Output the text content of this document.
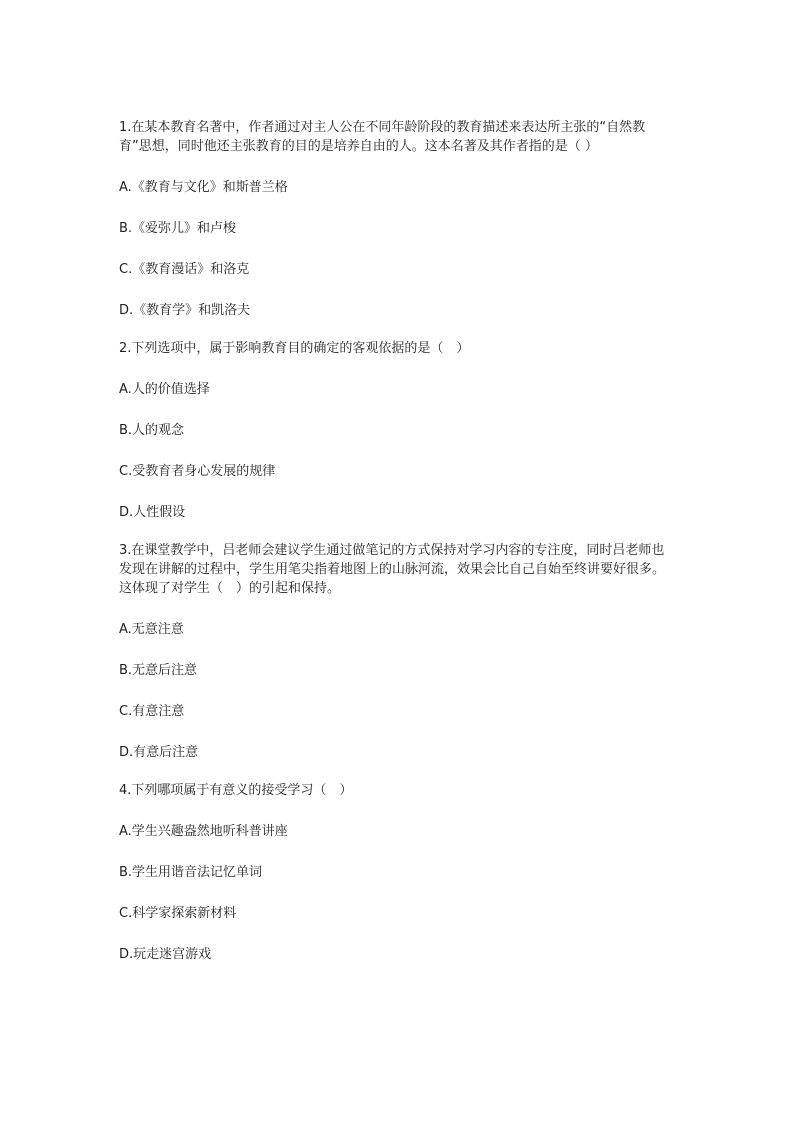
1.在某本教育名著中，作者通过对主人公在不同年龄阶段的教育描述来表达所主张的“自然教育”思想，同时他还主张教育的目的是培养自由的人。这本名著及其作者指的是（ ）
A.《教育与文化》和斯普兰格
B.《爱弥儿》和卢梭
C.《教育漫话》和洛克
D.《教育学》和凯洛夫
2.下列选项中，属于影响教育目的确定的客观依据的是（　）
A.人的价值选择
B.人的观念
C.受教育者身心发展的规律
D.人性假设
3.在课堂教学中，吕老师会建议学生通过做笔记的方式保持对学习内容的专注度，同时吕老师也发现在讲解的过程中，学生用笔尖指着地图上的山脉河流，效果会比自己自始至终讲要好很多。这体现了对学生（　）的引起和保持。
A.无意注意
B.无意后注意
C.有意注意
D.有意后注意
4.下列哪项属于有意义的接受学习（　）
A.学生兴趣盎然地听科普讲座
B.学生用谐音法记忆单词
C.科学家探索新材料
D.玩走迷宫游戏
